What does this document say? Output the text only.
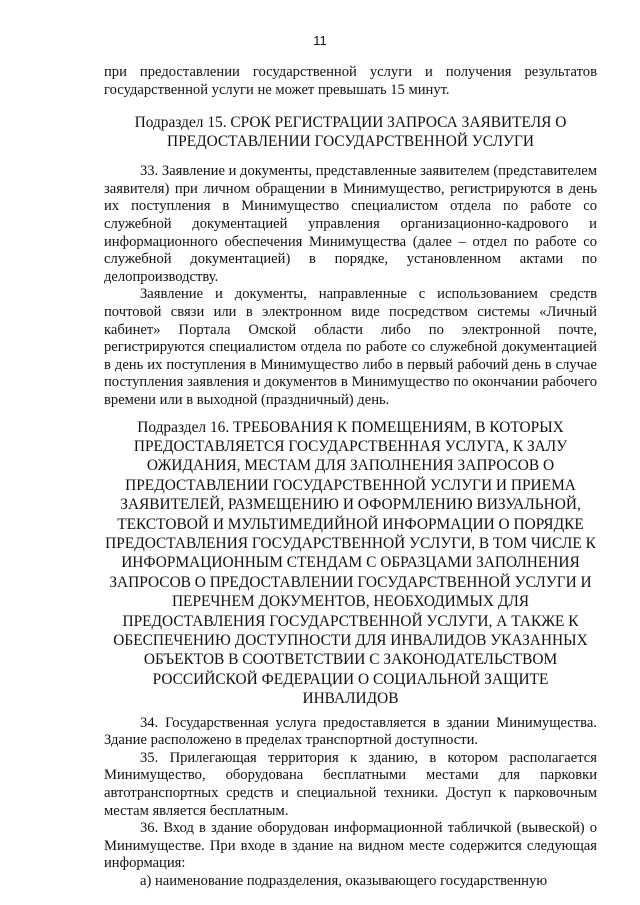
11

при предоставлении государственной услуги и получения результатов государственной услуги не может превышать 15 минут.

Подраздел 15. СРОК РЕГИСТРАЦИИ ЗАПРОСА ЗАЯВИТЕЛЯ О ПРЕДОСТАВЛЕНИИ ГОСУДАРСТВЕННОЙ УСЛУГИ

33. Заявление и документы, представленные заявителем (представителем заявителя) при личном обращении в Минимущество, регистрируются в день их поступления в Минимущество специалистом отдела по работе со служебной документацией управления организационно-кадрового и информационного обеспечения Минимущества (далее – отдел по работе со служебной документацией) в порядке, установленном актами по делопроизводству.

Заявление и документы, направленные с использованием средств почтовой связи или в электронном виде посредством системы «Личный кабинет» Портала Омской области либо по электронной почте, регистрируются специалистом отдела по работе со служебной документацией в день их поступления в Минимущество либо в первый рабочий день в случае поступления заявления и документов в Минимущество по окончании рабочего времени или в выходной (праздничный) день.

Подраздел 16. ТРЕБОВАНИЯ К ПОМЕЩЕНИЯМ, В КОТОРЫХ ПРЕДОСТАВЛЯЕТСЯ ГОСУДАРСТВЕННАЯ УСЛУГА, К ЗАЛУ ОЖИДАНИЯ, МЕСТАМ ДЛЯ ЗАПОЛНЕНИЯ ЗАПРОСОВ О ПРЕДОСТАВЛЕНИИ ГОСУДАРСТВЕННОЙ УСЛУГИ И ПРИЕМА ЗАЯВИТЕЛЕЙ, РАЗМЕЩЕНИЮ И ОФОРМЛЕНИЮ ВИЗУАЛЬНОЙ, ТЕКСТОВОЙ И МУЛЬТИМЕДИЙНОЙ ИНФОРМАЦИИ О ПОРЯДКЕ ПРЕДОСТАВЛЕНИЯ ГОСУДАРСТВЕННОЙ УСЛУГИ, В ТОМ ЧИСЛЕ К ИНФОРМАЦИОННЫМ СТЕНДАМ С ОБРАЗЦАМИ ЗАПОЛНЕНИЯ ЗАПРОСОВ О ПРЕДОСТАВЛЕНИИ ГОСУДАРСТВЕННОЙ УСЛУГИ И ПЕРЕЧНЕМ ДОКУМЕНТОВ, НЕОБХОДИМЫХ ДЛЯ ПРЕДОСТАВЛЕНИЯ ГОСУДАРСТВЕННОЙ УСЛУГИ, А ТАКЖЕ К ОБЕСПЕЧЕНИЮ ДОСТУПНОСТИ ДЛЯ ИНВАЛИДОВ УКАЗАННЫХ ОБЪЕКТОВ В СООТВЕТСТВИИ С ЗАКОНОДАТЕЛЬСТВОМ РОССИЙСКОЙ ФЕДЕРАЦИИ О СОЦИАЛЬНОЙ ЗАЩИТЕ ИНВАЛИДОВ

34. Государственная услуга предоставляется в здании Минимущества. Здание расположено в пределах транспортной доступности.

35. Прилегающая территория к зданию, в котором располагается Минимущество, оборудована бесплатными местами для парковки автотранспортных средств и специальной техники. Доступ к парковочным местам является бесплатным.

36. Вход в здание оборудован информационной табличкой (вывеской) о Минимуществе. При входе в здание на видном месте содержится следующая информация:

а) наименование подразделения, оказывающего государственную
